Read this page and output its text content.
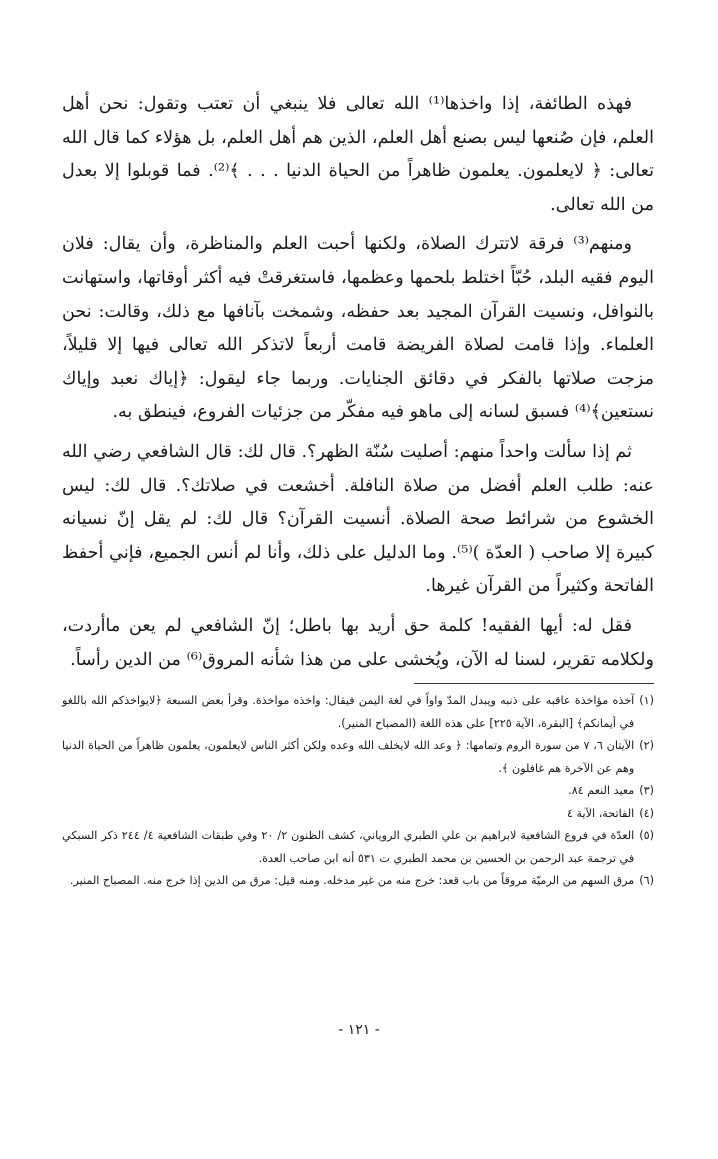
فهذه الطائفة، إذا واخذها⁽¹⁾ الله تعالى فلا ينبغي أن تعتب وتقول: نحن أهل العلم، فإن صُنعها ليس بصنع أهل العلم، الذين هم أهل العلم، بل هؤلاء كما قال الله تعالى: ﴿ لايعلمون. يعلمون ظاهراً من الحياة الدنيا . . . ﴾⁽²⁾. فما قوبلوا إلا بعدل من الله تعالى.

ومنهم⁽³⁾ فرقة لاتترك الصلاة، ولكنها أحبت العلم والمناظرة، وأن يقال: فلان اليوم فقيه البلد، حُبّاً اختلط بلحمها وعظمها، فاستغرقتْ فيه أكثر أوقاتها، واستهانت بالنوافل، ونسيت القرآن المجيد بعد حفظه، وشمخت بآنافها مع ذلك، وقالت: نحن العلماء. وإذا قامت لصلاة الفريضة قامت أربعاً لاتذكر الله تعالى فيها إلا قليلاً، مزجت صلاتها بالفكر في دقائق الجنايات. وربما جاء ليقول: ﴿إياك نعبد وإياك نستعين﴾⁽⁴⁾ فسبق لسانه إلى ماهو فيه مفكّر من جزئيات الفروع، فينطق به.

ثم إذا سألت واحداً منهم: أصليت سُنّة الظهر؟. قال لك: قال الشافعي رضي الله عنه: طلب العلم أفضل من صلاة النافلة. أخشعت في صلاتك؟. قال لك: ليس الخشوع من شرائط صحة الصلاة. أنسيت القرآن؟ قال لك: لم يقل إنّ نسيانه كبيرة إلا صاحب ( العدّة )⁽⁵⁾. وما الدليل على ذلك، وأنا لم أنس الجميع، فإني أحفظ الفاتحة وكثيراً من القرآن غيرها.

فقل له: أيها الفقيه! كلمة حق أريد بها باطل؛ إنّ الشافعي لم يعن ماأردت، ولكلامه تقرير، لسنا له الآن، ويُخشى على من هذا شأنه المروق⁽⁶⁾ من الدين رأساً.

(١)
آخذه مؤاخذة عاقبه على ذنبه ويبدل المدّ واواً في لغة اليمن فيقال: واخذه مواخذة. وقرأ بعض السبعة ﴿لايواخذكم الله باللغو في أيمانكم﴾ [البقرة، الآية ٢٢٥] على هذه اللغة (المصباح المنير).
(٢)
الآيتان ٦، ٧ من سورة الروم وتمامها: ﴿ وعد الله لايخلف الله وعده ولكن أكثر الناس لايعلمون، يعلمون ظاهراً من الحياة الدنيا وهم عن الآخرة هم غافلون ﴾.
(٣)
معيد النعم ٨٤.
(٤)
الفاتحة، الآية ٤
(٥)
العدّة في فروع الشافعية لابراهيم بن علي الطبري الروياني، كشف الظنون ٢/ ٢٠ وفي طبقات الشافعية ٤/ ٢٤٤ ذكر السبكي في ترجمة عبد الرحمن بن الحسين بن محمد الطبري ت ٥٣١ أنه ابن صاحب العدة.
(٦)
مرق السهم من الرميّة مروقاً من باب قعد: خرج منه من غير مدخله. ومنه قيل: مرق من الدين إذا خرج منه. المصباح المنير.
- ١٢١ -
